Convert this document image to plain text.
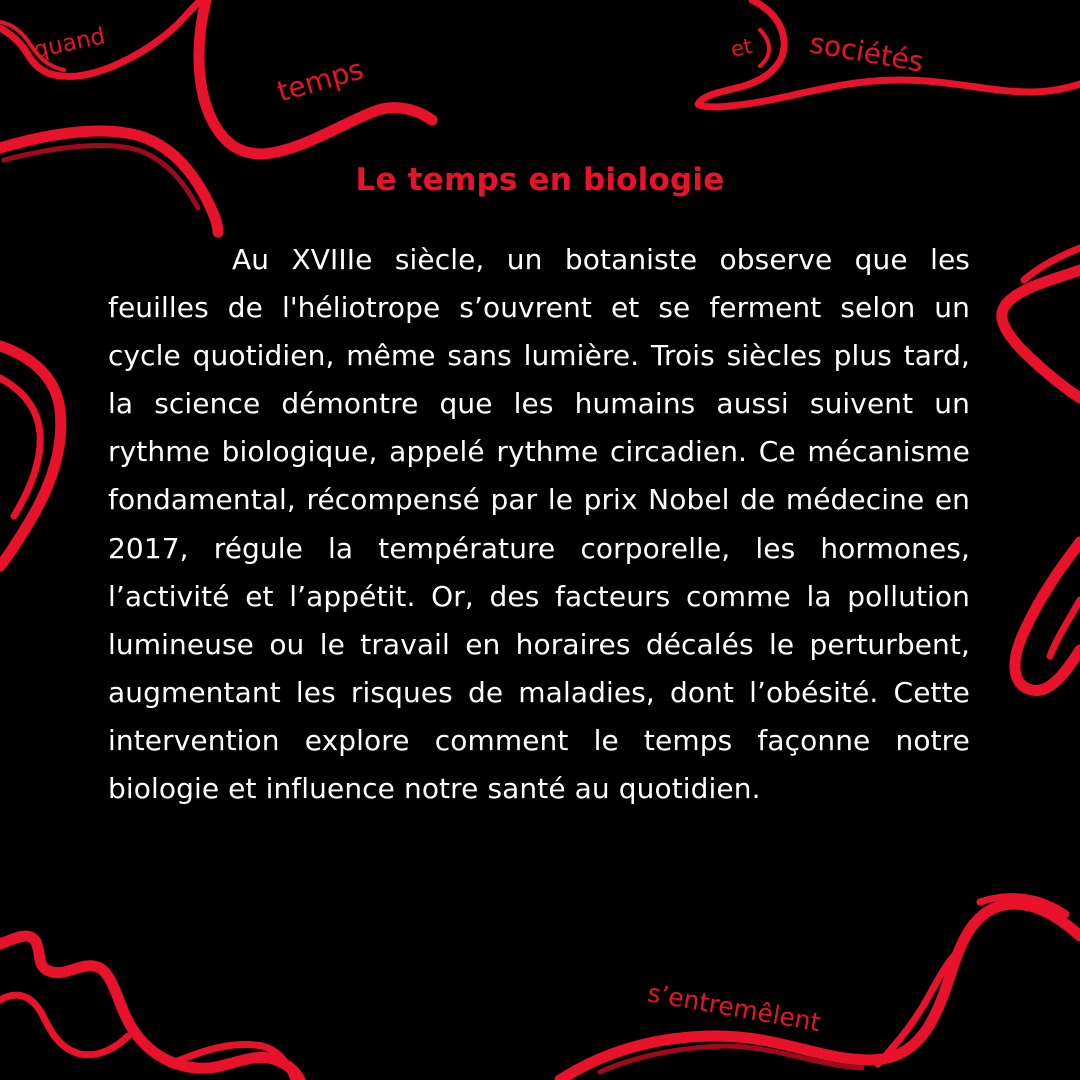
quand
temps
et sociétés
s’entremêlent
Le temps en biologie

Au XVIIIe siècle, un botaniste observe que les feuilles de l'héliotrope s’ouvrent et se ferment selon un cycle quotidien, même sans lumière. Trois siècles plus tard, la science démontre que les humains aussi suivent un rythme biologique, appelé rythme circadien. Ce mécanisme fondamental, récompensé par le prix Nobel de médecine en 2017, régule la température corporelle, les hormones, l’activité et l’appétit. Or, des facteurs comme la pollution lumineuse ou le travail en horaires décalés le perturbent, augmentant les risques de maladies, dont l’obésité. Cette intervention explore comment le temps façonne notre biologie et influence notre santé au quotidien.
